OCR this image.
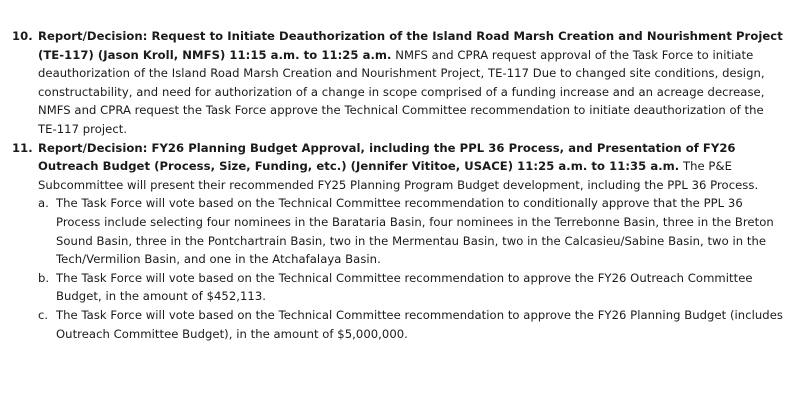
10. Report/Decision: Request to Initiate Deauthorization of the Island Road Marsh Creation and Nourishment Project (TE-117) (Jason Kroll, NMFS) 11:15 a.m. to 11:25 a.m. NMFS and CPRA request approval of the Task Force to initiate deauthorization of the Island Road Marsh Creation and Nourishment Project, TE-117 Due to changed site conditions, design, constructability, and need for authorization of a change in scope comprised of a funding increase and an acreage decrease, NMFS and CPRA request the Task Force approve the Technical Committee recommendation to initiate deauthorization of the TE-117 project.
11. Report/Decision: FY26 Planning Budget Approval, including the PPL 36 Process, and Presentation of FY26 Outreach Budget (Process, Size, Funding, etc.) (Jennifer Vititoe, USACE) 11:25 a.m. to 11:35 a.m. The P&E Subcommittee will present their recommended FY25 Planning Program Budget development, including the PPL 36 Process.
a. The Task Force will vote based on the Technical Committee recommendation to conditionally approve that the PPL 36 Process include selecting four nominees in the Barataria Basin, four nominees in the Terrebonne Basin, three in the Breton Sound Basin, three in the Pontchartrain Basin, two in the Mermentau Basin, two in the Calcasieu/Sabine Basin, two in the Tech/Vermilion Basin, and one in the Atchafalaya Basin.
b. The Task Force will vote based on the Technical Committee recommendation to approve the FY26 Outreach Committee Budget, in the amount of $452,113.
c. The Task Force will vote based on the Technical Committee recommendation to approve the FY26 Planning Budget (includes Outreach Committee Budget), in the amount of $5,000,000.
